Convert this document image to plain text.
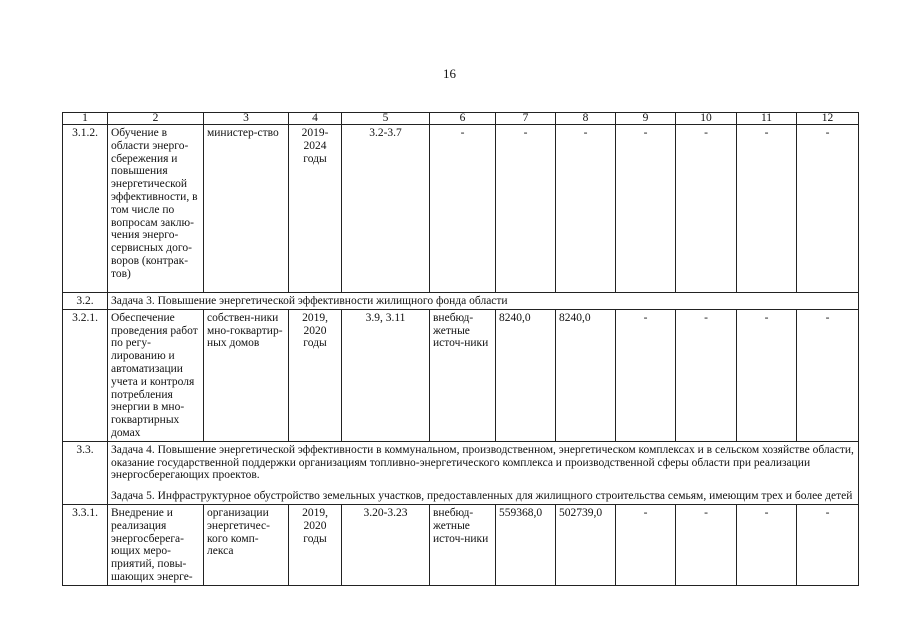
16
1	2	3	4	5	6	7	8	9	10	11	12
3.1.2.	Обучение в области энерго-сбережения и повышения энергетической эффективности, в том числе по вопросам заклю-чения энерго-сервисных дого-воров (контрак-тов)	министер-ство	2019-2024 годы	3.2-3.7	-	-	-	-	-	-	-
3.2.	Задача 3. Повышение энергетической эффективности жилищного фонда области										
3.2.1.	Обеспечение проведения работ по регу-лированию и автоматизации учета и контроля потребления энергии в мно-гоквартирных домах	собствен-ники мно-гоквартир-ных домов	2019, 2020 годы	3.9, 3.11	внебюд-жетные источ-ники	8240,0	8240,0	-	-	-	-
3.3.	Задача 4. Повышение энергетической эффективности в коммунальном, производственном, энергетическом комплексах и в сельском хозяйстве области, оказание государственной поддержки организациям топливно-энергетического комплекса и производственной сферы области при реализации энергосберегающих проектов.
Задача 5. Инфраструктурное обустройство земельных участков, предоставленных для жилищного строительства семьям, имеющим трех и более детей										
3.3.1.	Внедрение и реализация энергосберега-ющих меро-приятий, повы-шающих энерге-	организации энергетичес-кого комп-лекса	2019, 2020 годы	3.20-3.23	внебюд-жетные источ-ники	559368,0	502739,0	-	-	-	-
